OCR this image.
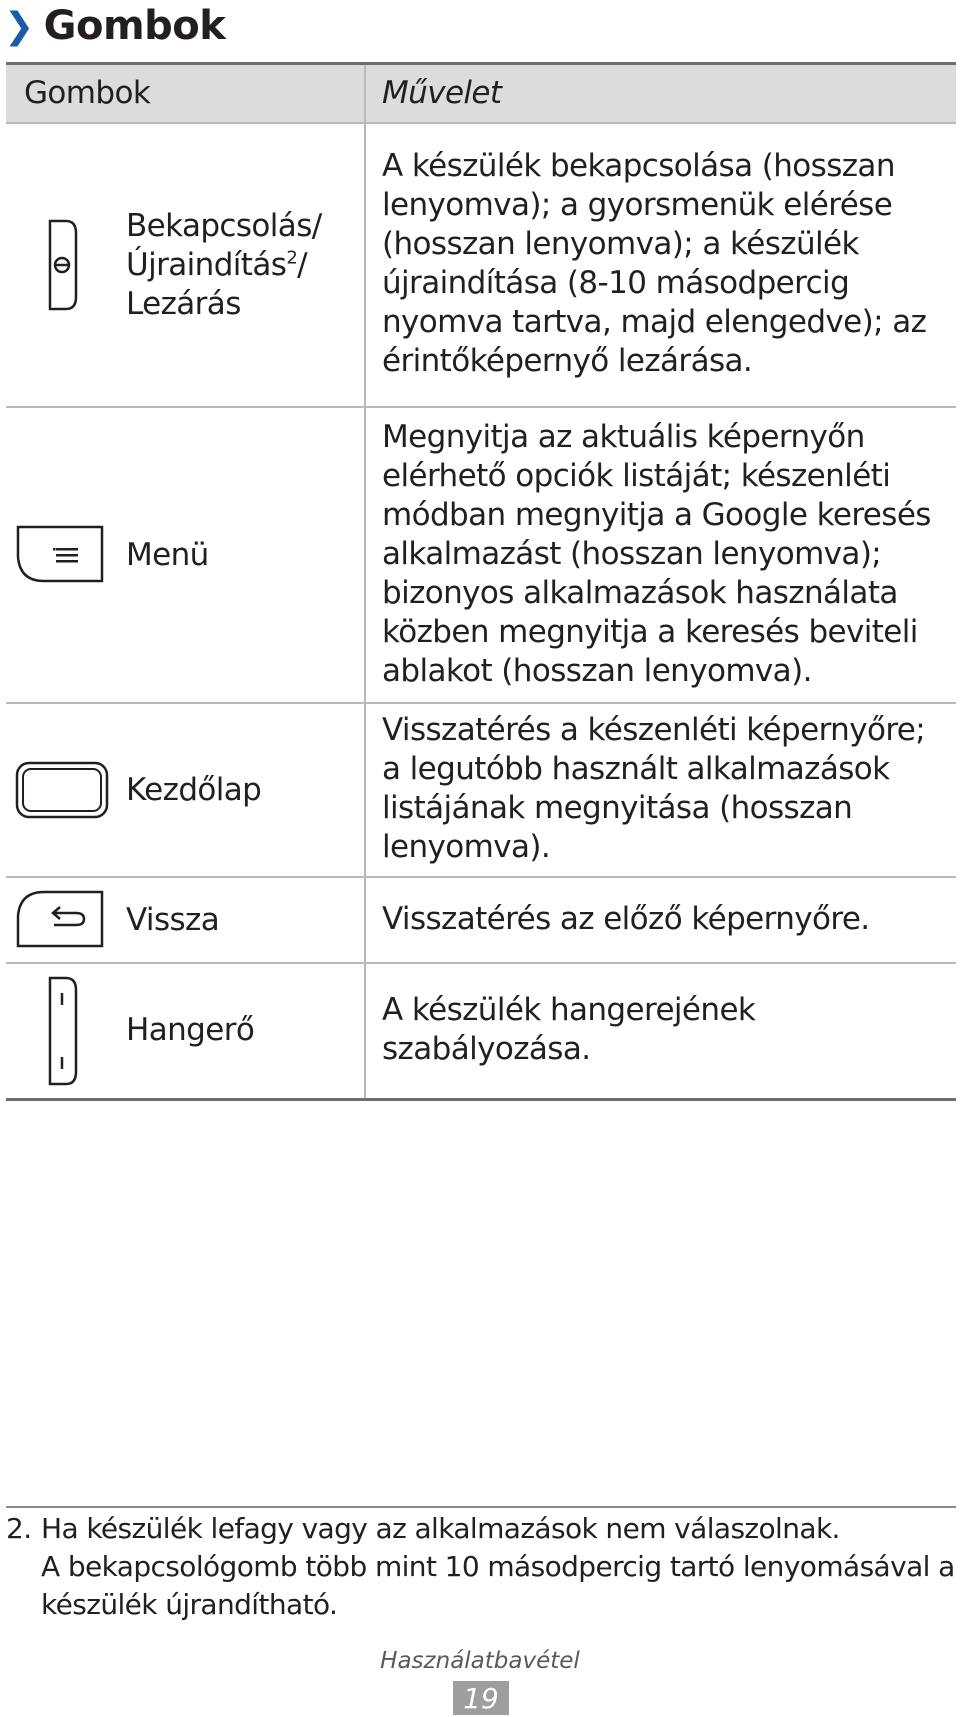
❯ Gombok
Gombok	Művelet

Bekapcsolás/
Újraindítás$^2$/
Lezárás	A készülék bekapcsolása (hosszan lenyomva); a gyorsmenük elérése (hosszan lenyomva); a készülék újraindítása (8-10 másodpercig nyomva tartva, majd elengedve); az érintőképernyő lezárása.

Menü	Megnyitja az aktuális képernyőn elérhető opciók listáját; készenléti módban megnyitja a Google keresés alkalmazást (hosszan lenyomva); bizonyos alkalmazások használata közben megnyitja a keresés beviteli ablakot (hosszan lenyomva).

Kezdőlap	Visszatérés a készenléti képernyőre; a legutóbb használt alkalmazások listájának megnyitása (hosszan lenyomva).

Vissza	Visszatérés az előző képernyőre.

Hangerő	A készülék hangerejének szabályozása.
2. Ha készülék lefagy vagy az alkalmazások nem válaszolnak.
A bekapcsológomb több mint 10 másodpercig tartó lenyomásával a készülék újrandítható.
Használatbavétel
19
